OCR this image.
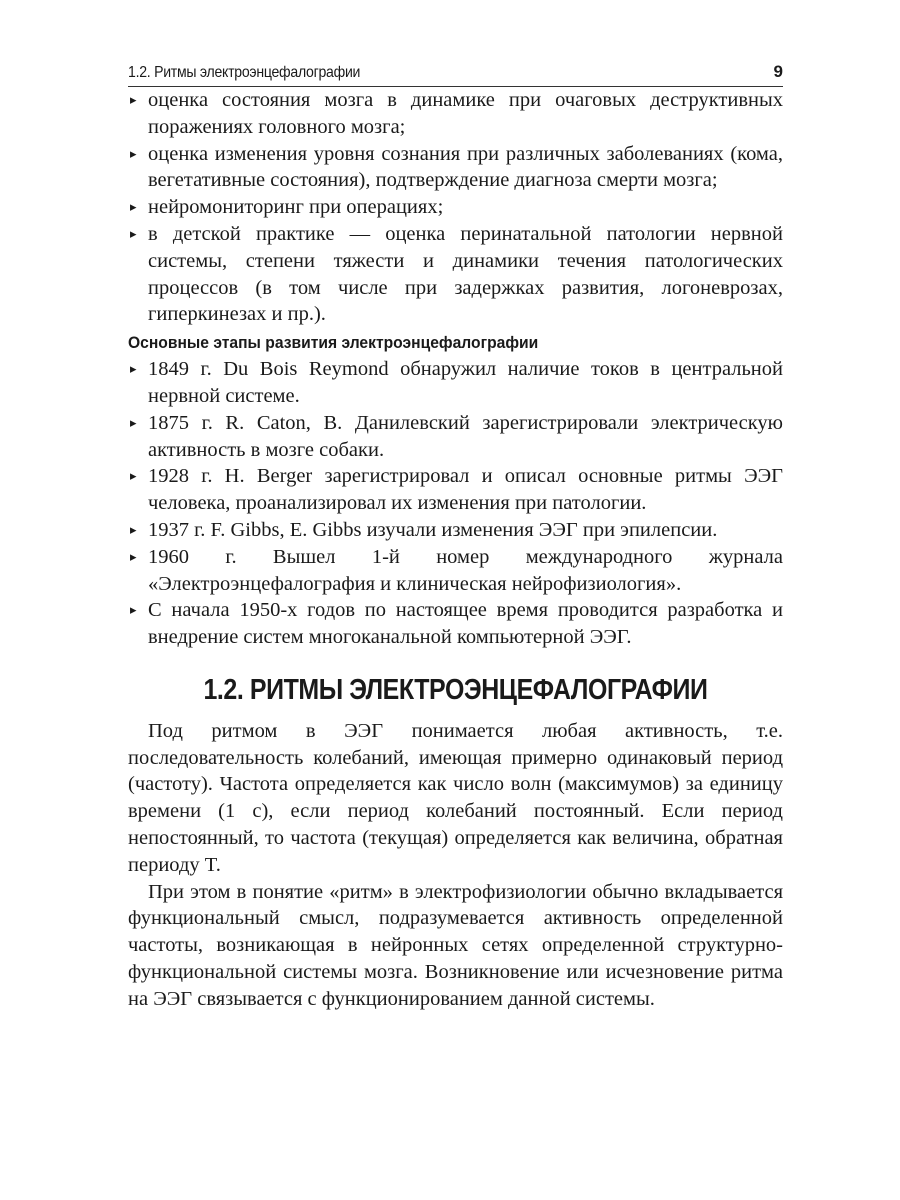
1.2. Ритмы электроэнцефалографии	9
▸ оценка состояния мозга в динамике при очаговых деструктивных поражениях головного мозга;
▸ оценка изменения уровня сознания при различных заболеваниях (кома, вегетативные состояния), подтверждение диагноза смерти мозга;
▸ нейромониторинг при операциях;
▸ в детской практике — оценка перинатальной патологии нервной системы, степени тяжести и динамики течения патологических процессов (в том числе при задержках развития, логоневрозах, гиперкинезах и пр.).
Основные этапы развития электроэнцефалографии
▸ 1849 г. Du Bois Reymond обнаружил наличие токов в центральной нервной системе.
▸ 1875 г. R. Caton, В. Данилевский зарегистрировали электрическую активность в мозге собаки.
▸ 1928 г. H. Berger зарегистрировал и описал основные ритмы ЭЭГ человека, проанализировал их изменения при патологии.
▸ 1937 г. F. Gibbs, E. Gibbs изучали изменения ЭЭГ при эпилепсии.
▸ 1960 г. Вышел 1-й номер международного журнала «Электроэнцефалография и клиническая нейрофизиология».
▸ С начала 1950-х годов по настоящее время проводится разработка и внедрение систем многоканальной компьютерной ЭЭГ.
1.2. РИТМЫ ЭЛЕКТРОЭНЦЕФАЛОГРАФИИ

Под ритмом в ЭЭГ понимается любая активность, т.е. последовательность колебаний, имеющая примерно одинаковый период (частоту). Частота определяется как число волн (максимумов) за единицу времени (1 с), если период колебаний постоянный. Если период непостоянный, то частота (текущая) определяется как величина, обратная периоду T.

При этом в понятие «ритм» в электрофизиологии обычно вкладывается функциональный смысл, подразумевается активность определенной частоты, возникающая в нейронных сетях определенной структурно-функциональной системы мозга. Возникновение или исчезновение ритма на ЭЭГ связывается с функционированием данной системы.
